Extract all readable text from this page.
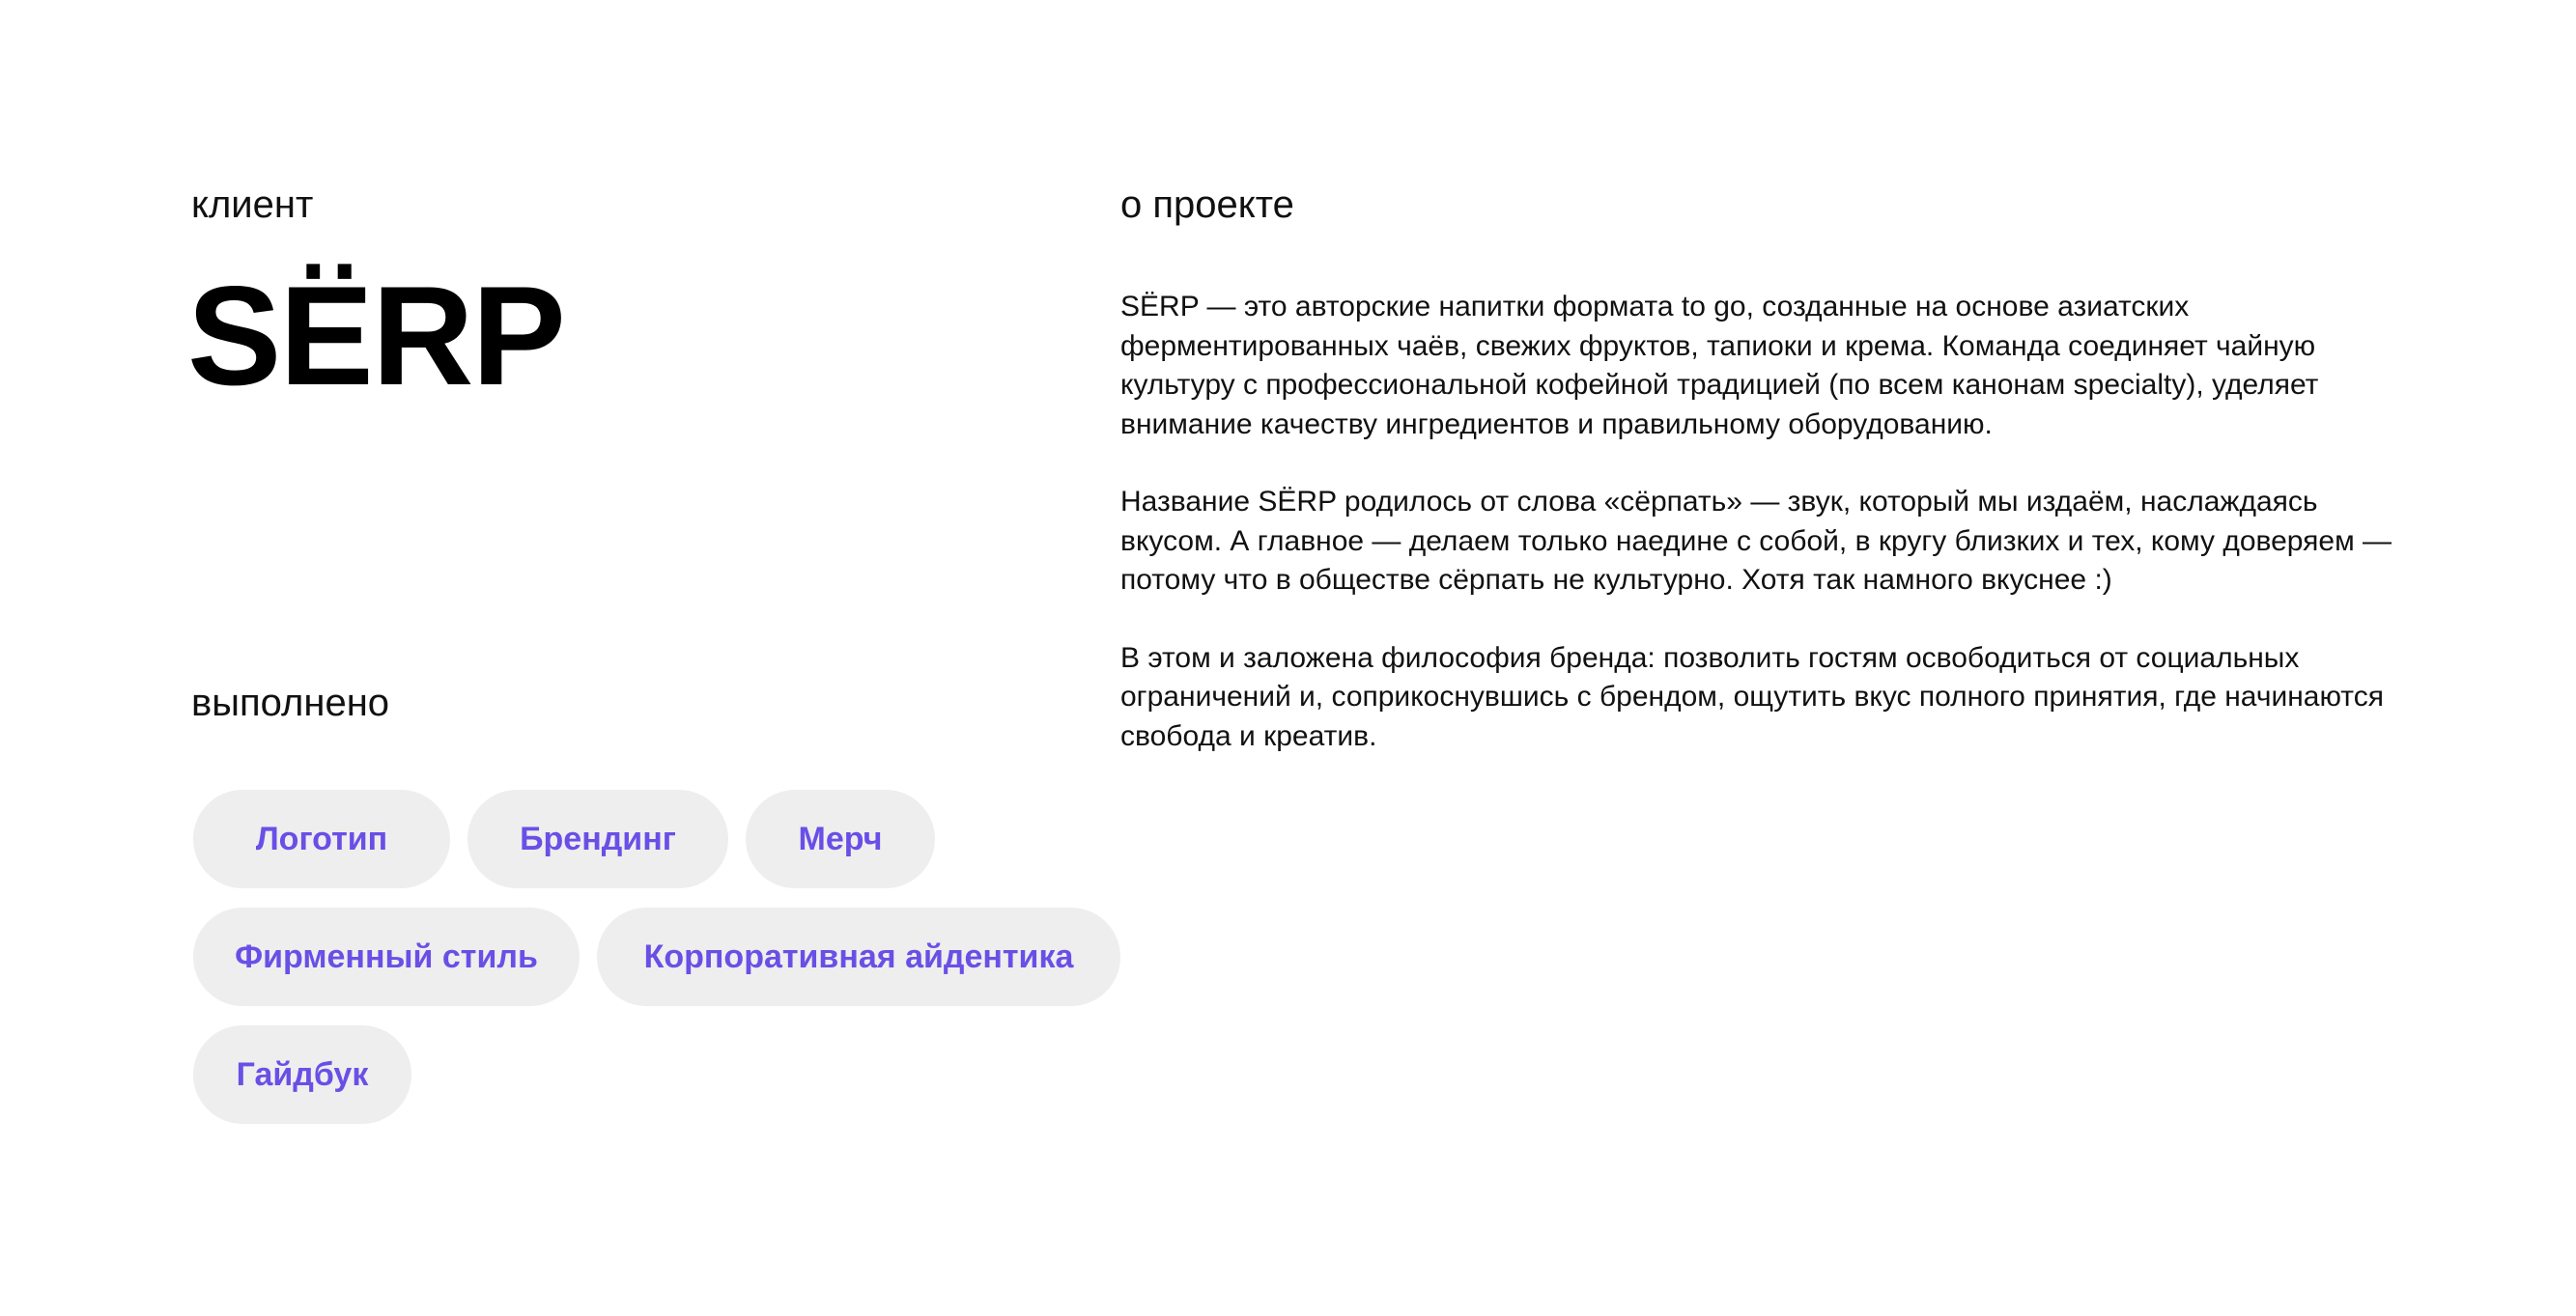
клиент
SЁRP
выполнено
Логотип	Брендинг	Мерч
Фирменный стиль	Корпоративная айдентика
Гайдбук
о проекте

SЁRP — это авторские напитки формата to go, созданные на основе азиатских ферментированных чаёв, свежих фруктов, тапиоки и крема. Команда соединяет чайную культуру с профессиональной кофейной традицией (по всем канонам specialty), уделяет внимание качеству ингредиентов и правильному оборудованию.

Название SЁRP родилось от слова «сёрпать» — звук, который мы издаём, наслаждаясь вкусом. А главное — делаем только наедине с собой, в кругу близких и тех, кому доверяем — потому что в обществе сёрпать не культурно. Хотя так намного вкуснее :)

В этом и заложена философия бренда: позволить гостям освободиться от социальных ограничений и, соприкоснувшись с брендом, ощутить вкус полного принятия, где начинаются свобода и креатив.
